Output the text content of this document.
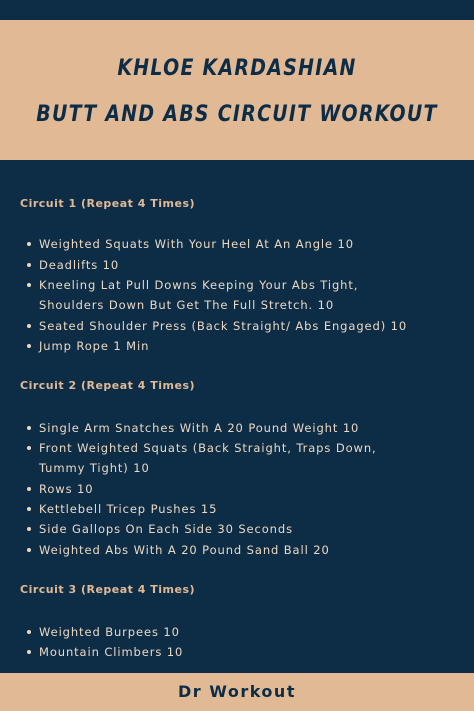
KHLOE KARDASHIAN
BUTT AND ABS CIRCUIT WORKOUT
Circuit 1 (Repeat 4 Times)
Weighted Squats With Your Heel At An Angle 10
Deadlifts 10
Kneeling Lat Pull Downs Keeping Your Abs Tight,
Shoulders Down But Get The Full Stretch. 10
Seated Shoulder Press (Back Straight/ Abs Engaged) 10
Jump Rope 1 Min
Circuit 2 (Repeat 4 Times)
Single Arm Snatches With A 20 Pound Weight 10
Front Weighted Squats (Back Straight, Traps Down,
Tummy Tight) 10
Rows 10
Kettlebell Tricep Pushes 15
Side Gallops On Each Side 30 Seconds
Weighted Abs With A 20 Pound Sand Ball 20
Circuit 3 (Repeat 4 Times)
Weighted Burpees 10
Mountain Climbers 10
Dr Workout
